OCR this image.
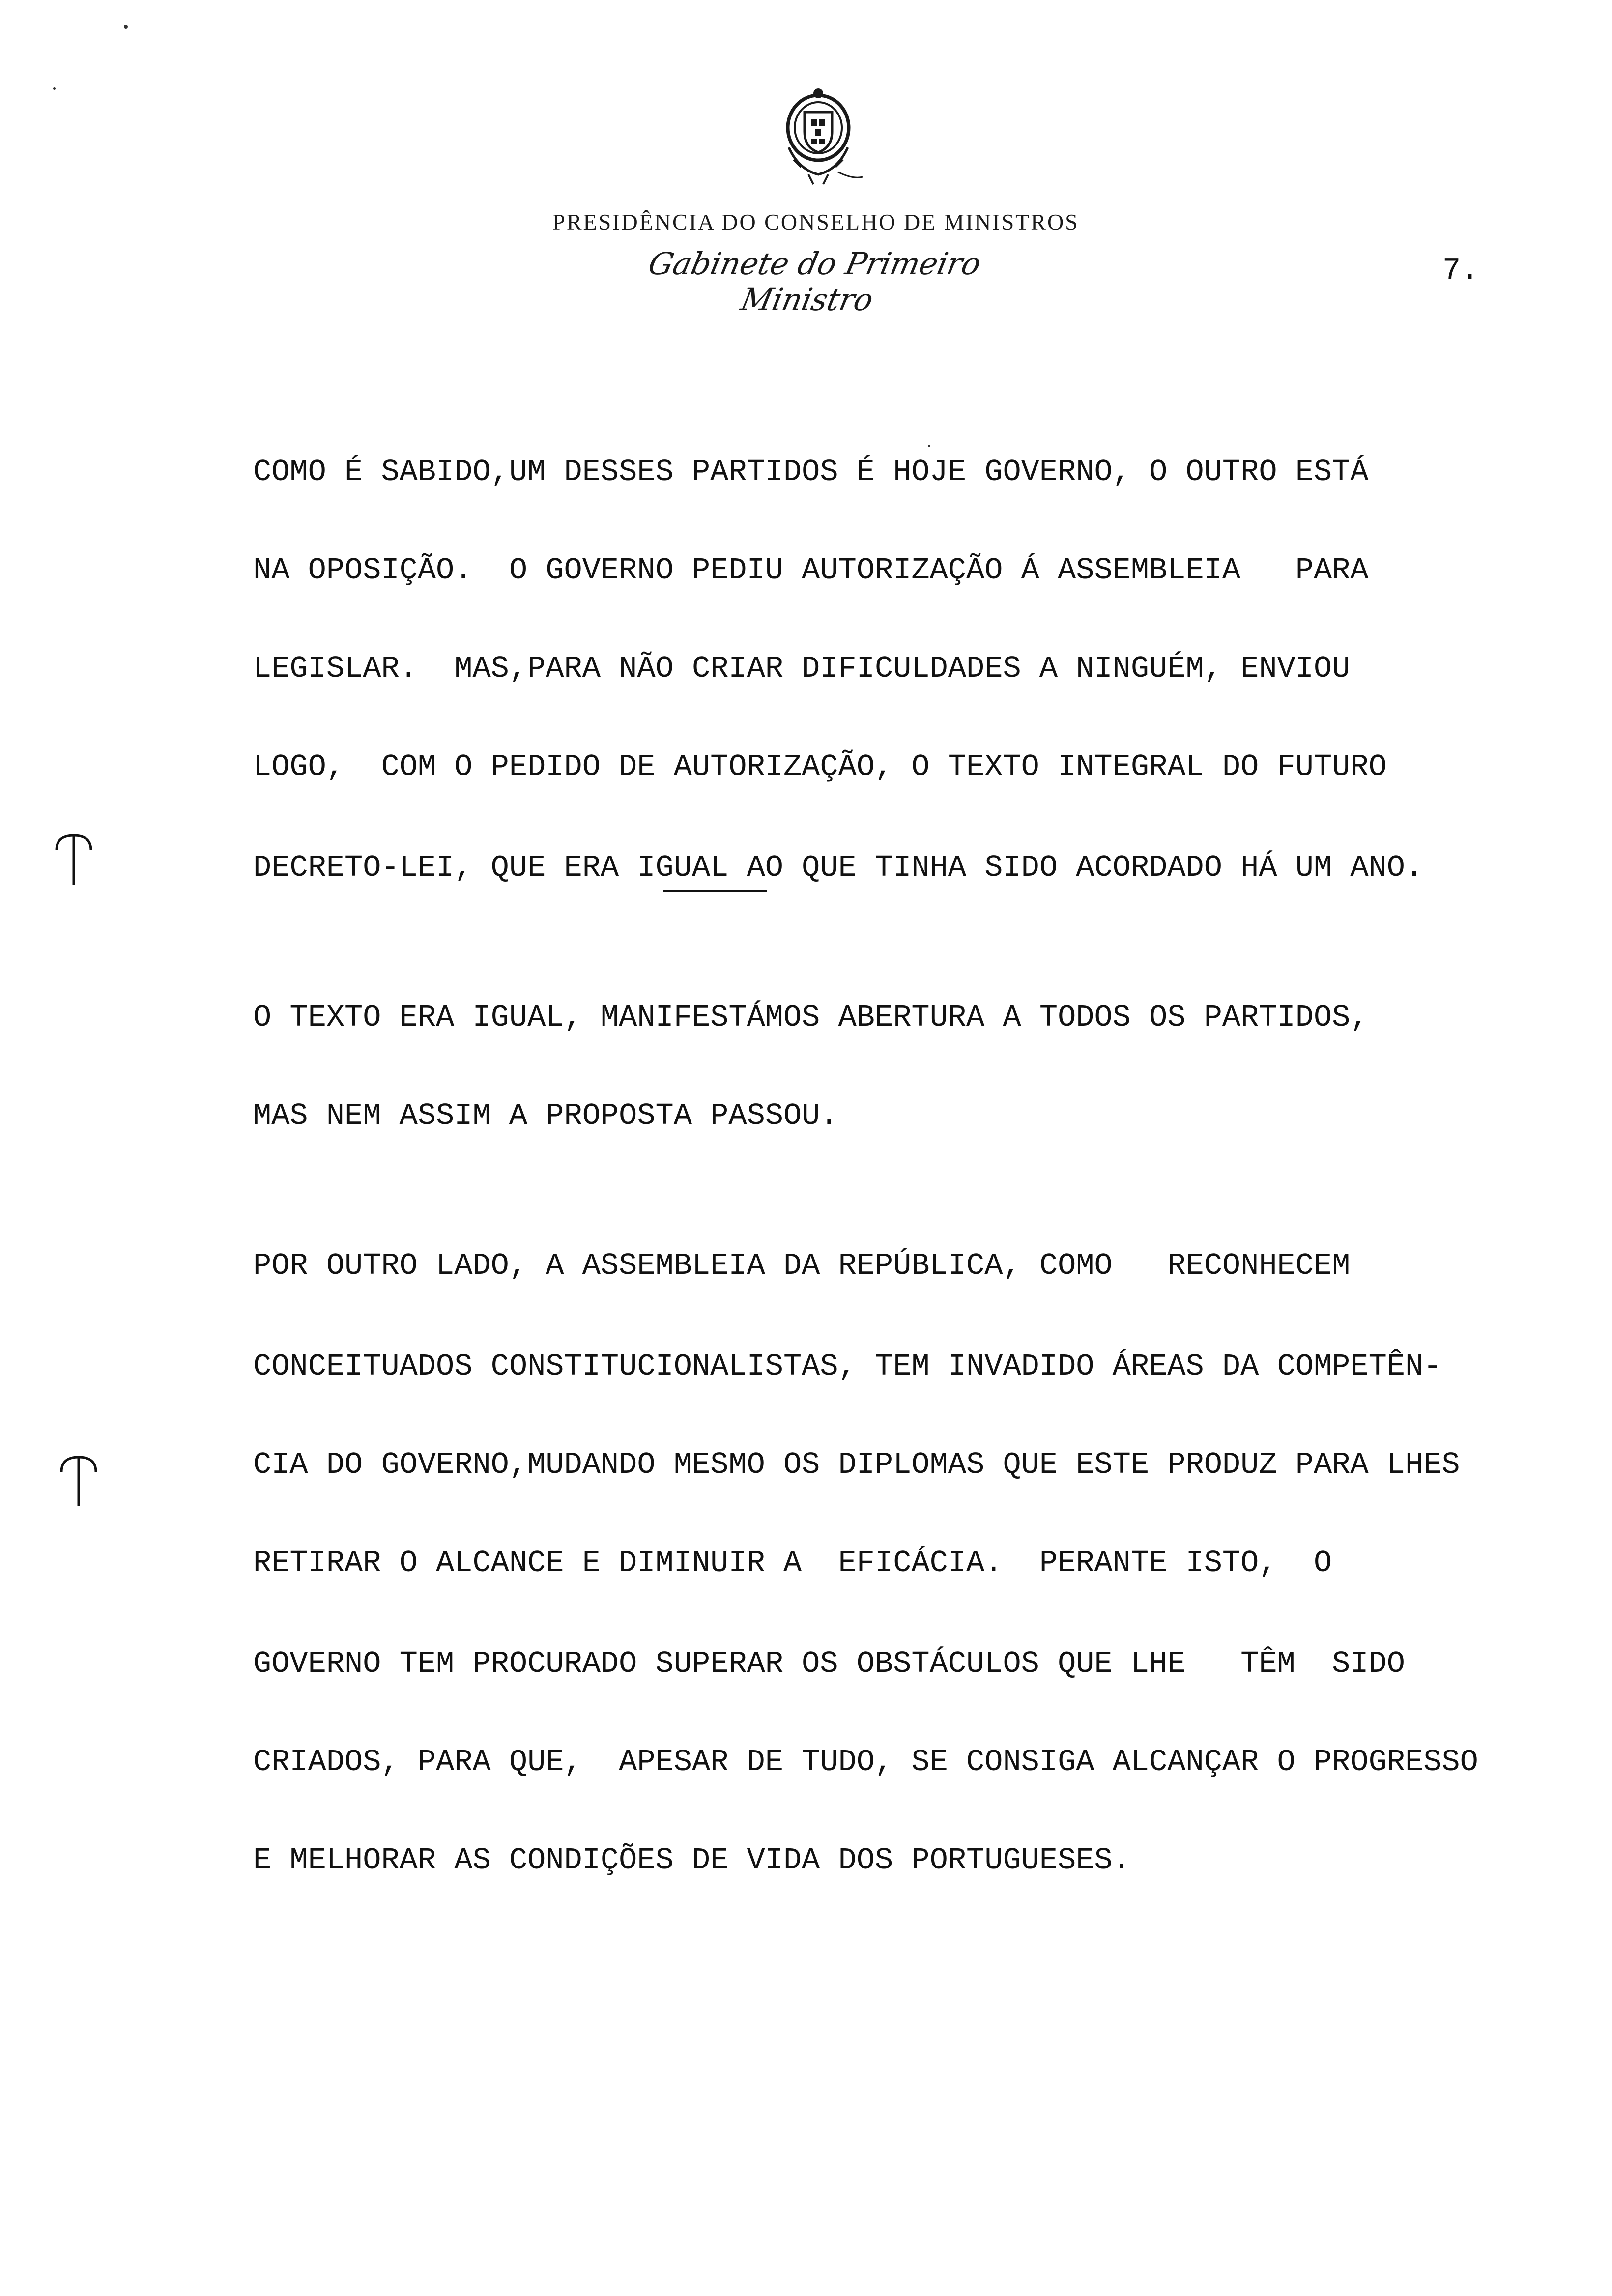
PRESIDÊNCIA DO CONSELHO DE MINISTROS
Gabinete do Primeiro Ministro
7.
COMO É SABIDO,UM DESSES PARTIDOS É HOJE GOVERNO, O OUTRO ESTÁ
NA OPOSIÇÃO.  O GOVERNO PEDIU AUTORIZAÇÃO Á ASSEMBLEIA   PARA
LEGISLAR.  MAS,PARA NÃO CRIAR DIFICULDADES A NINGUÉM, ENVIOU
LOGO,  COM O PEDIDO DE AUTORIZAÇÃO, O TEXTO INTEGRAL DO FUTURO
DECRETO-LEI, QUE ERA IGUAL AO QUE TINHA SIDO ACORDADO HÁ UM ANO.
O TEXTO ERA IGUAL, MANIFESTÁMOS ABERTURA A TODOS OS PARTIDOS,
MAS NEM ASSIM A PROPOSTA PASSOU.
POR OUTRO LADO, A ASSEMBLEIA DA REPÚBLICA, COMO   RECONHECEM
CONCEITUADOS CONSTITUCIONALISTAS, TEM INVADIDO ÁREAS DA COMPETÊN-
CIA DO GOVERNO,MUDANDO MESMO OS DIPLOMAS QUE ESTE PRODUZ PARA LHES
RETIRAR O ALCANCE E DIMINUIR A  EFICÁCIA.  PERANTE ISTO,  O
GOVERNO TEM PROCURADO SUPERAR OS OBSTÁCULOS QUE LHE   TÊM  SIDO
CRIADOS, PARA QUE,  APESAR DE TUDO, SE CONSIGA ALCANÇAR O PROGRESSO
E MELHORAR AS CONDIÇÕES DE VIDA DOS PORTUGUESES.
